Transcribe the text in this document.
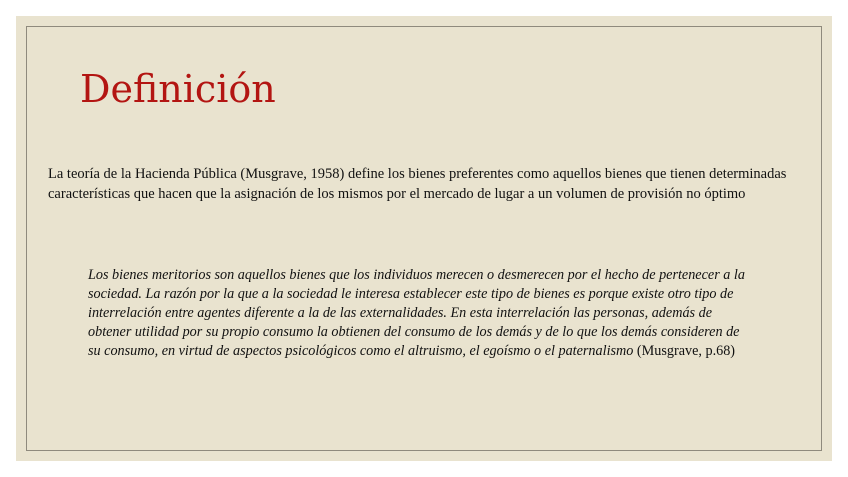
Definición

La teoría de la Hacienda Pública (Musgrave, 1958) define los bienes preferentes como aquellos bienes que tienen determinadas características que hacen que la asignación de los mismos por el mercado de lugar a un volumen de provisión no óptimo

Los bienes meritorios son aquellos bienes que los individuos merecen o desmerecen por el hecho de pertenecer a la sociedad. La razón por la que a la sociedad le interesa establecer este tipo de bienes es porque existe otro tipo de interrelación entre agentes diferente a la de las externalidades. En esta interrelación las personas, además de obtener utilidad por su propio consumo la obtienen del consumo de los demás y de lo que los demás consideren de su consumo, en virtud de aspectos psicológicos como el altruismo, el egoísmo o el paternalismo (Musgrave, p.68)
